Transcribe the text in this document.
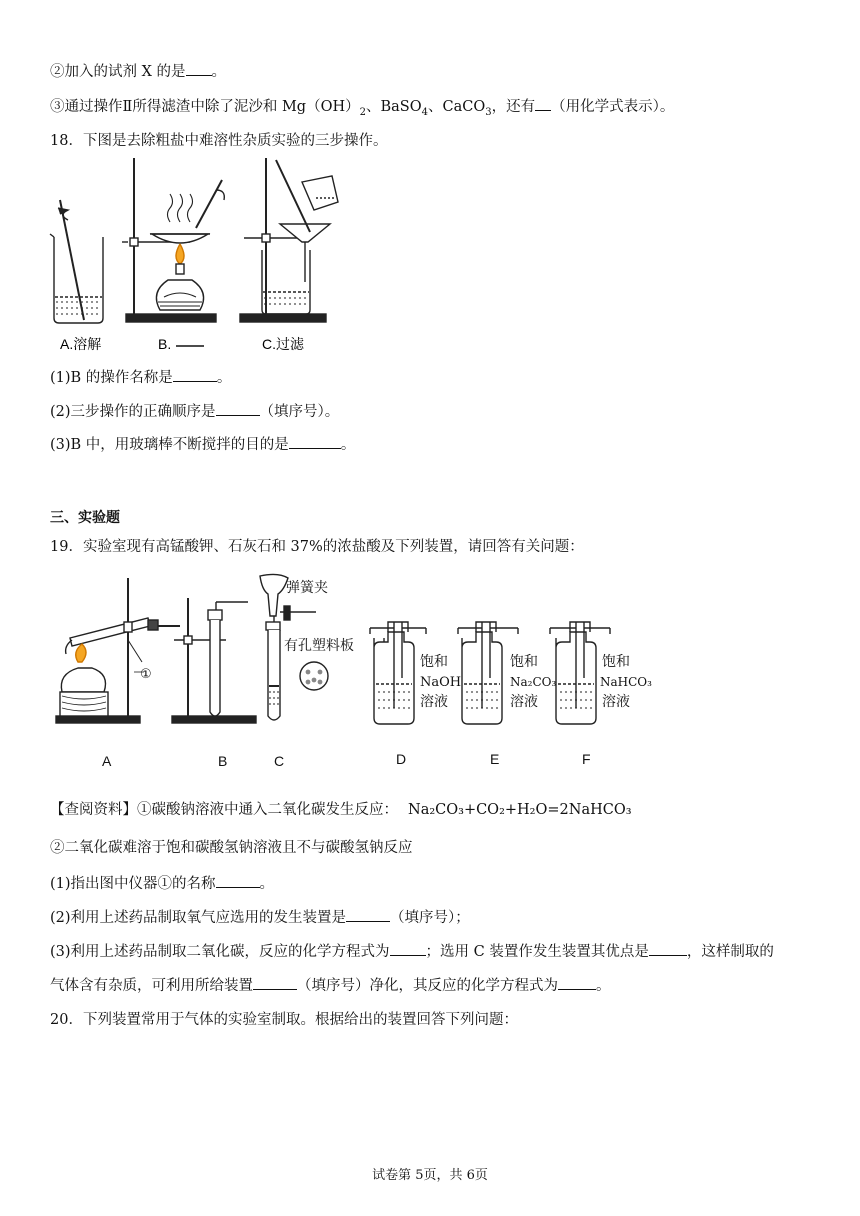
②加入的试剂 X 的是 。
③通过操作Ⅱ所得滤渣中除了泥沙和 $Mg(OH)_2$、BaSO$_4$、CaCO$_3$，还有 （用化学式表示）。
18．下图是去除粗盐中难溶性杂质实验的三步操作。
A.溶解	B.	C.过滤
(1)B 的操作名称是	。
(2)三步操作的正确顺序是	（填序号）。
(3)B 中，用玻璃棒不断搅拌的目的是	。
三、实验题
19．实验室现有高锰酸钾、石灰石和 37%的浓盐酸及下列装置，请回答有关问题：
①
弹簧夹
有孔塑料板
饱和
NaOH
溶液
饱和
Na₂CO₃
溶液
饱和
NaHCO₃
溶液
A	B	C	D	E	F
【查阅资料】①碳酸钠溶液中通入二氧化碳发生反应： Na₂CO₃+CO₂+H₂O=2NaHCO₃
②二氧化碳难溶于饱和碳酸氢钠溶液且不与碳酸氢钠反应
(1)指出图中仪器①的名称	。
(2)利用上述药品制取氧气应选用的发生装置是	（填序号）；
(3)利用上述药品制取二氧化碳，反应的化学方程式为 ；选用 C 装置作发生装置其优点是	，这样制取的
气体含有杂质，可利用所给装置	（填序号）净化，其反应的化学方程式为	。
20．下列装置常用于气体的实验室制取。根据给出的装置回答下列问题：
试卷第 5页，共 6页
